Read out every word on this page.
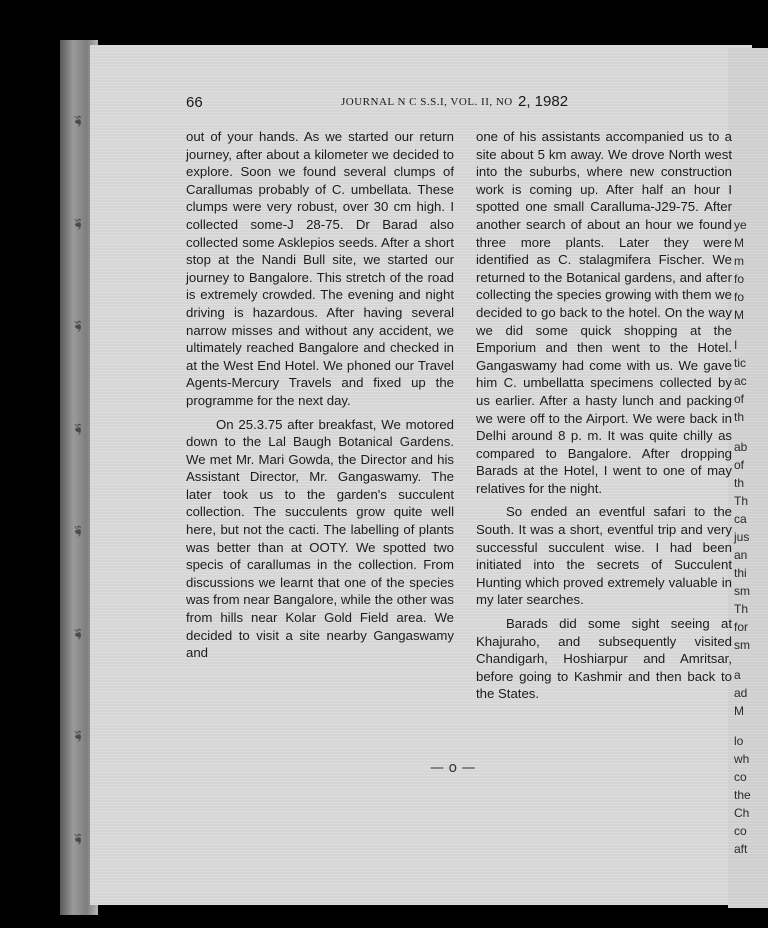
☙
☙
☙
☙
☙
☙
☙
☙
ye
M
m
fo
fo
M
I
tic
ac
of
th
ab
of
th
Th
ca
jus
an
thi
sm
Th
for
sm
a
ad
M
lo
wh
co
the
Ch
co
aft
66	JOURNAL N C S.S.I, VOL. II, NO 2, 1982

out of your hands. As we started our return journey, after about a kilometer we decided to explore. Soon we found several clumps of Carallumas probably of C. umbellata. These clumps were very robust, over 30 cm high. I collected some-J 28-75. Dr Barad also collected some Asklepios seeds. After a short stop at the Nandi Bull site, we started our journey to Bangalore. This stretch of the road is extremely crowded. The evening and night driving is hazardous. After having several narrow misses and without any accident, we ultimately reached Bangalore and checked in at the West End Hotel. We phoned our Travel Agents-Mercury Travels and fixed up the programme for the next day.

On 25.3.75 after breakfast, We motored down to the Lal Baugh Botanical Gardens. We met Mr. Mari Gowda, the Director and his Assistant Director, Mr. Gangaswamy. The later took us to the garden's succulent collection. The succulents grow quite well here, but not the cacti. The labelling of plants was better than at OOTY. We spotted two specis of carallumas in the collection. From discussions we learnt that one of the species was from near Bangalore, while the other was from hills near Kolar Gold Field area. We decided to visit a site nearby Gangaswamy and

one of his assistants accompanied us to a site about 5 km away. We drove North west into the suburbs, where new construction work is coming up. After half an hour I spotted one small Caralluma-J29-75. After another search of about an hour we found three more plants. Later they were identified as C. stalagmifera Fischer. We returned to the Botanical gardens, and after collecting the species growing with them we decided to go back to the hotel. On the way we did some quick shopping at the Emporium and then went to the Hotel. Gangaswamy had come with us. We gave him C. umbellatta specimens collected by us earlier. After a hasty lunch and packing we were off to the Airport. We were back in Delhi around 8 p. m. It was quite chilly as compared to Bangalore. After dropping Barads at the Hotel, I went to one of may relatives for the night.

So ended an eventful safari to the South. It was a short, eventful trip and very successful succulent wise. I had been initiated into the secrets of Succulent Hunting which proved extremely valuable in my later searches.

Barads did some sight seeing at Khajuraho, and subsequently visited Chandigarh, Hoshiarpur and Amritsar, before going to Kashmir and then back to the States.

— o —
